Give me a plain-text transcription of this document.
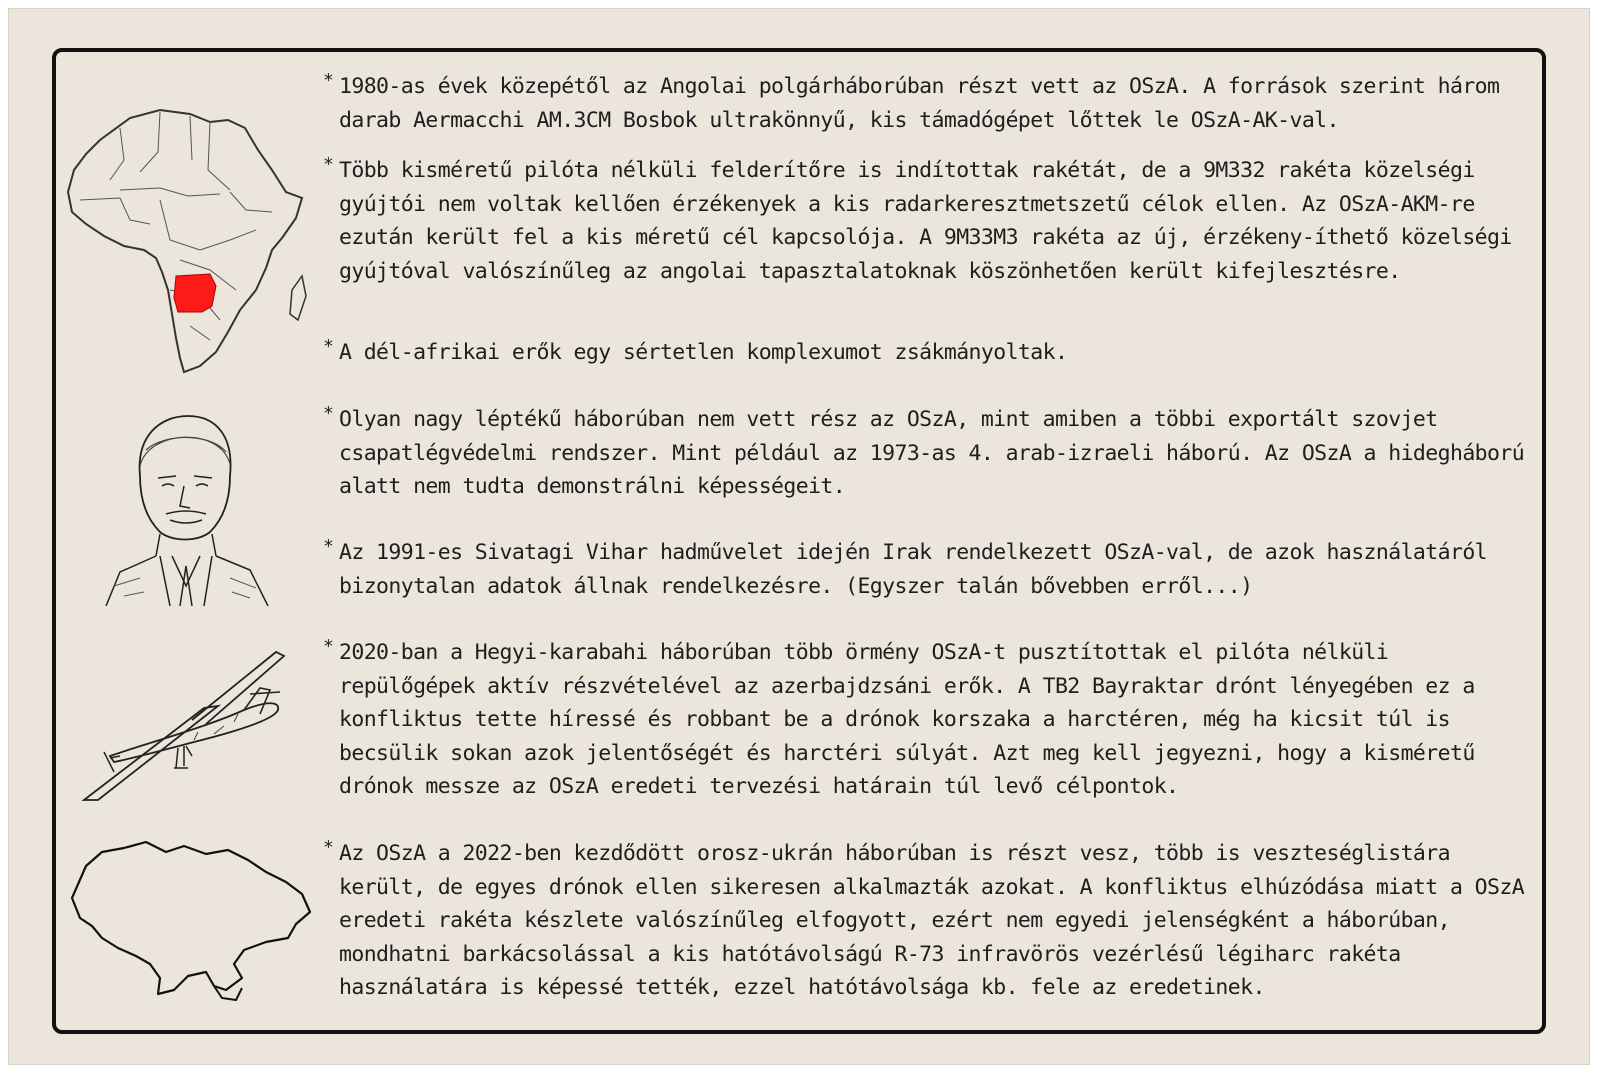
* 1980-as évek közepétől az Angolai polgárháborúban részt vett az OSzA. A források szerint három darab Aermacchi AM.3CM Bosbok ultrakönnyű, kis támadógépet lőttek le OSzA-AK-val.
* Több kisméretű pilóta nélküli felderítőre is indítottak rakétát, de a 9M332 rakéta közelségi gyújtói nem voltak kellően érzékenyek a kis radarkeresztmetszetű célok ellen. Az OSzA-AKM-re ezután került fel a kis méretű cél kapcsolója. A 9M33M3 rakéta az új, érzékeny-íthető közelségi gyújtóval valószínűleg az angolai tapasztalatoknak köszönhetően került kifejlesztésre.
* A dél-afrikai erők egy sértetlen komplexumot zsákmányoltak.
* Olyan nagy léptékű háborúban nem vett rész az OSzA, mint amiben a többi exportált szovjet csapatlégvédelmi rendszer. Mint például az 1973-as 4. arab-izraeli háború. Az OSzA a hidegháború alatt nem tudta demonstrálni képességeit.
* Az 1991-es Sivatagi Vihar hadművelet idején Irak rendelkezett OSzA-val, de azok használatáról bizonytalan adatok állnak rendelkezésre. (Egyszer talán bővebben erről...)
* 2020-ban a Hegyi-karabahi háborúban több örmény OSzA-t pusztítottak el pilóta nélküli repülőgépek aktív részvételével az azerbajdzsáni erők. A TB2 Bayraktar drónt lényegében ez a konfliktus tette híressé és robbant be a drónok korszaka a harctéren, még ha kicsit túl is becsülik sokan azok jelentőségét és harctéri súlyát. Azt meg kell jegyezni, hogy a kisméretű drónok messze az OSzA eredeti tervezési határain túl levő célpontok.
* Az OSzA a 2022-ben kezdődött orosz-ukrán háborúban is részt vesz, több is veszteséglistára került, de egyes drónok ellen sikeresen alkalmazták azokat. A konfliktus elhúzódása miatt a OSzA eredeti rakéta készlete valószínűleg elfogyott, ezért nem egyedi jelenségként a háborúban, mondhatni barkácsolással a kis hatótávolságú R-73 infravörös vezérlésű légiharc rakéta használatára is képessé tették, ezzel hatótávolsága kb. fele az eredetinek.
